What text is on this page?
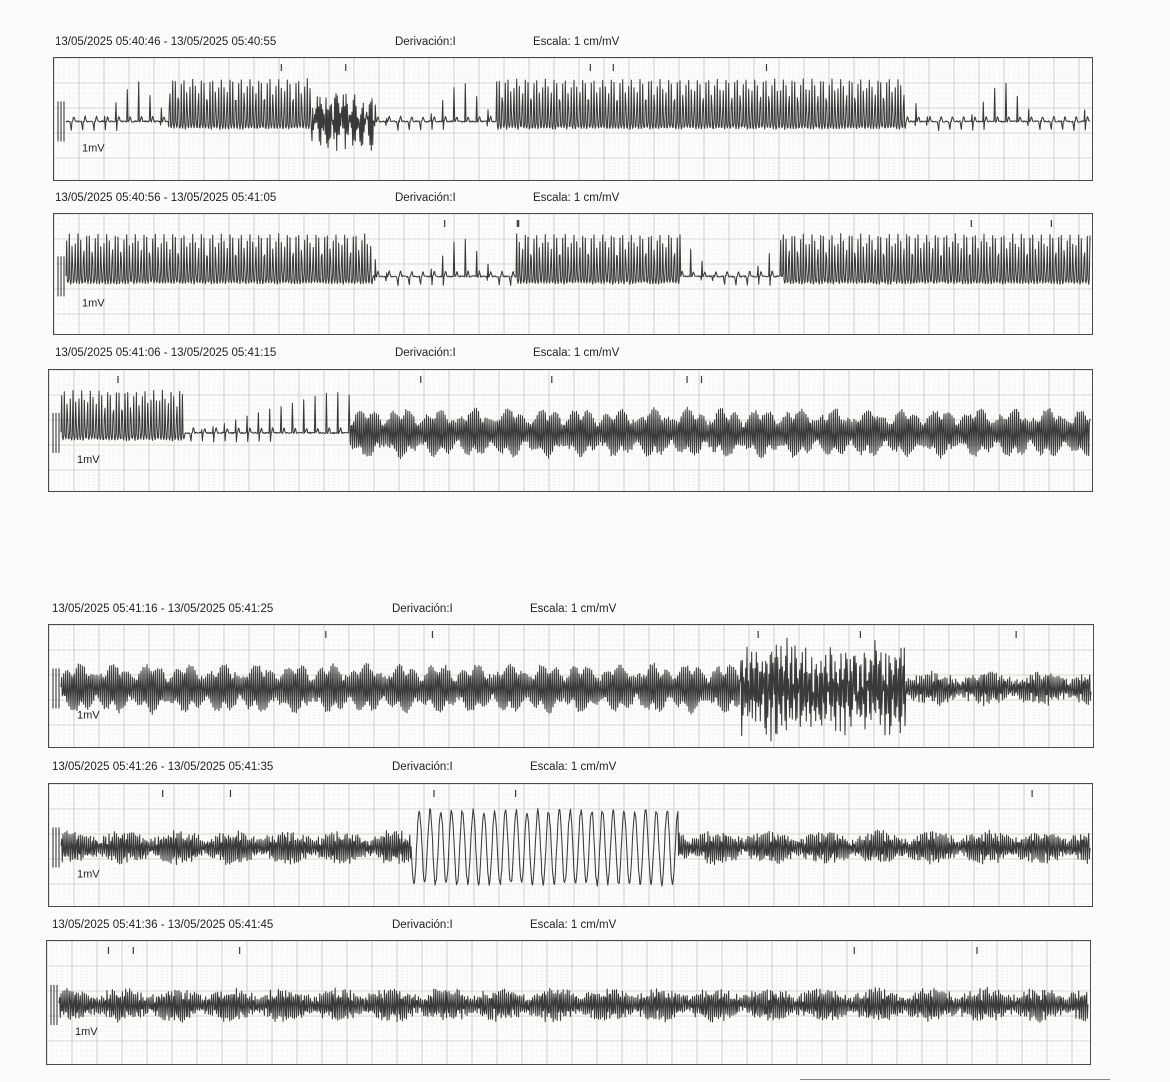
13/05/2025 05:40:46 - 13/05/2025 05:40:55	Derivación:I	Escala: 1 cm/mV
1mV
13/05/2025 05:40:56 - 13/05/2025 05:41:05	Derivación:I	Escala: 1 cm/mV
1mV
13/05/2025 05:41:06 - 13/05/2025 05:41:15	Derivación:I	Escala: 1 cm/mV
1mV
13/05/2025 05:41:16 - 13/05/2025 05:41:25	Derivación:I	Escala: 1 cm/mV
1mV
13/05/2025 05:41:26 - 13/05/2025 05:41:35	Derivación:I	Escala: 1 cm/mV
1mV
13/05/2025 05:41:36 - 13/05/2025 05:41:45	Derivación:I	Escala: 1 cm/mV
1mV
